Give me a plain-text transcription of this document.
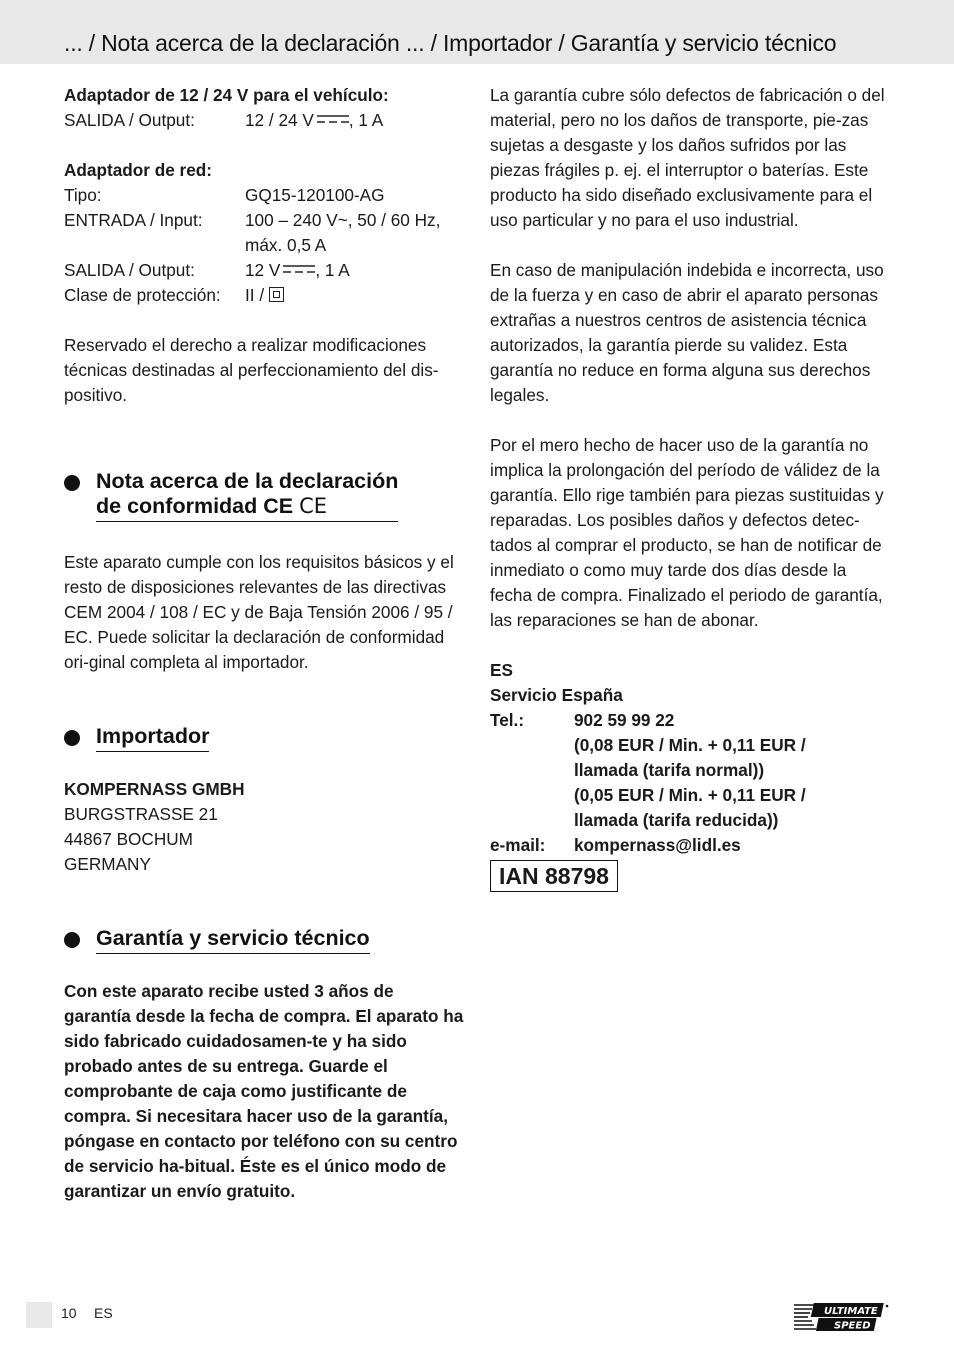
... / Nota acerca de la declaración ... / Importador / Garantía y servicio técnico

Adaptador de 12 / 24 V para el vehículo:

SALIDA / Output:	12 / 24 V , 1 A

Adaptador de red:

Tipo:	GQ15-120100-AG
ENTRADA / Input:	100 – 240 V~, 50 / 60 Hz,
máx. 0,5 A
SALIDA / Output:	12 V , 1 A
Clase de protección:	II /

Reservado el derecho a realizar modificaciones técnicas destinadas al perfeccionamiento del dis-positivo.

Nota acerca de la declaración
de conformidad CE CE

Este aparato cumple con los requisitos básicos y el resto de disposiciones relevantes de las directivas CEM 2004 / 108 / EC y de Baja Tensión 2006 / 95 / EC. Puede solicitar la declaración de conformidad ori-ginal completa al importador.

Importador

KOMPERNASS GMBH

BURGSTRASSE 21

44867 BOCHUM

GERMANY

Garantía y servicio técnico

Con este aparato recibe usted 3 años de garantía desde la fecha de compra. El aparato ha sido fabricado cuidadosamen-te y ha sido probado antes de su entrega. Guarde el comprobante de caja como justificante de compra. Si necesitara hacer uso de la garantía, póngase en contacto por teléfono con su centro de servicio ha-bitual. Éste es el único modo de garantizar un envío gratuito.

La garantía cubre sólo defectos de fabricación o del material, pero no los daños de transporte, pie-zas sujetas a desgaste y los daños sufridos por las piezas frágiles p. ej. el interruptor o baterías. Este producto ha sido diseñado exclusivamente para el uso particular y no para el uso industrial.

En caso de manipulación indebida e incorrecta, uso de la fuerza y en caso de abrir el aparato personas extrañas a nuestros centros de asistencia técnica autorizados, la garantía pierde su validez. Esta garantía no reduce en forma alguna sus derechos legales.

Por el mero hecho de hacer uso de la garantía no implica la prolongación del período de válidez de la garantía. Ello rige también para piezas sustituidas y reparadas. Los posibles daños y defectos detec-tados al comprar el producto, se han de notificar de inmediato o como muy tarde dos días desde la fecha de compra. Finalizado el periodo de garantía, las reparaciones se han de abonar.

ES

Servicio España

Tel.:	902 59 99 22
(0,08 EUR / Min. + 0,11 EUR /
llamada (tarifa normal))
(0,05 EUR / Min. + 0,11 EUR /
llamada (tarifa reducida))
e-mail:	kompernass@lidl.es
IAN 88798
10 ES	ULTIMATE
SPEED
